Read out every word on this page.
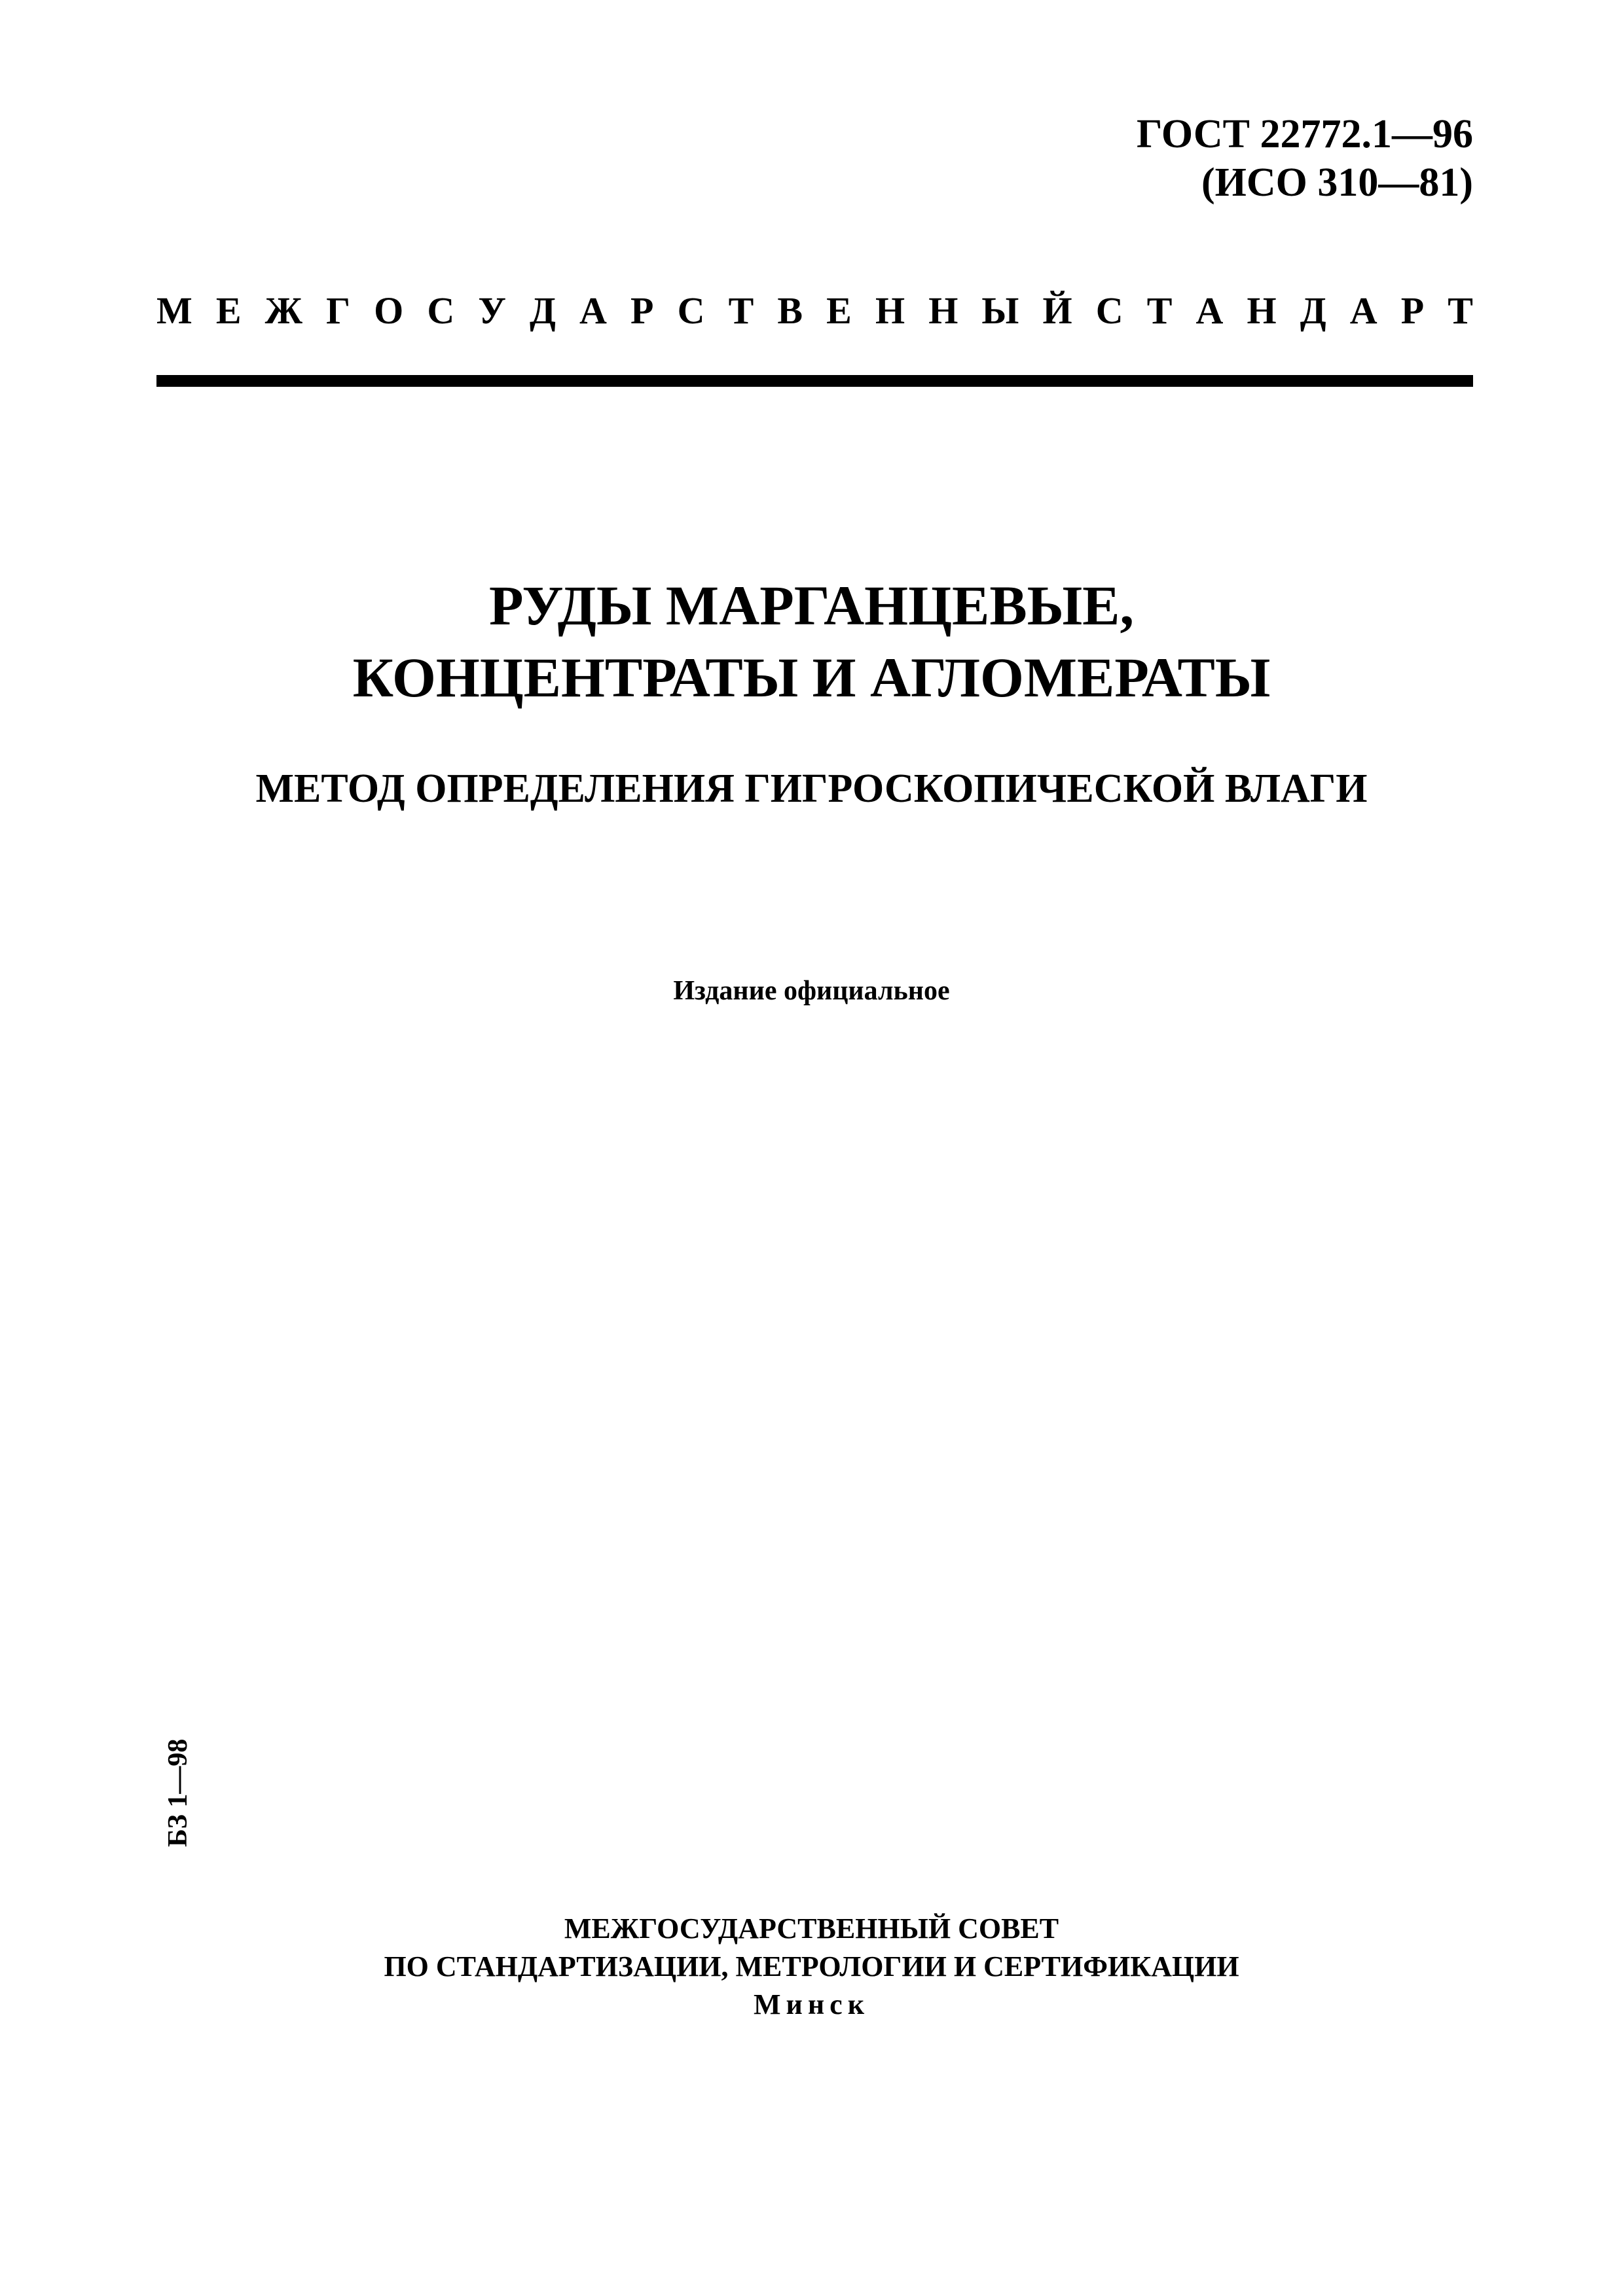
ГОСТ 22772.1—96
(ИСО 310—81)
М Е Ж Г О С У Д А Р С Т В Е Н Н Ы Й С Т А Н Д А Р Т
РУДЫ МАРГАНЦЕВЫЕ,
КОНЦЕНТРАТЫ И АГЛОМЕРАТЫ
МЕТОД ОПРЕДЕЛЕНИЯ ГИГРОСКОПИЧЕСКОЙ ВЛАГИ
Издание официальное
БЗ 1—98
МЕЖГОСУДАРСТВЕННЫЙ СОВЕТ
ПО СТАНДАРТИЗАЦИИ, МЕТРОЛОГИИ И СЕРТИФИКАЦИИ
Минск
